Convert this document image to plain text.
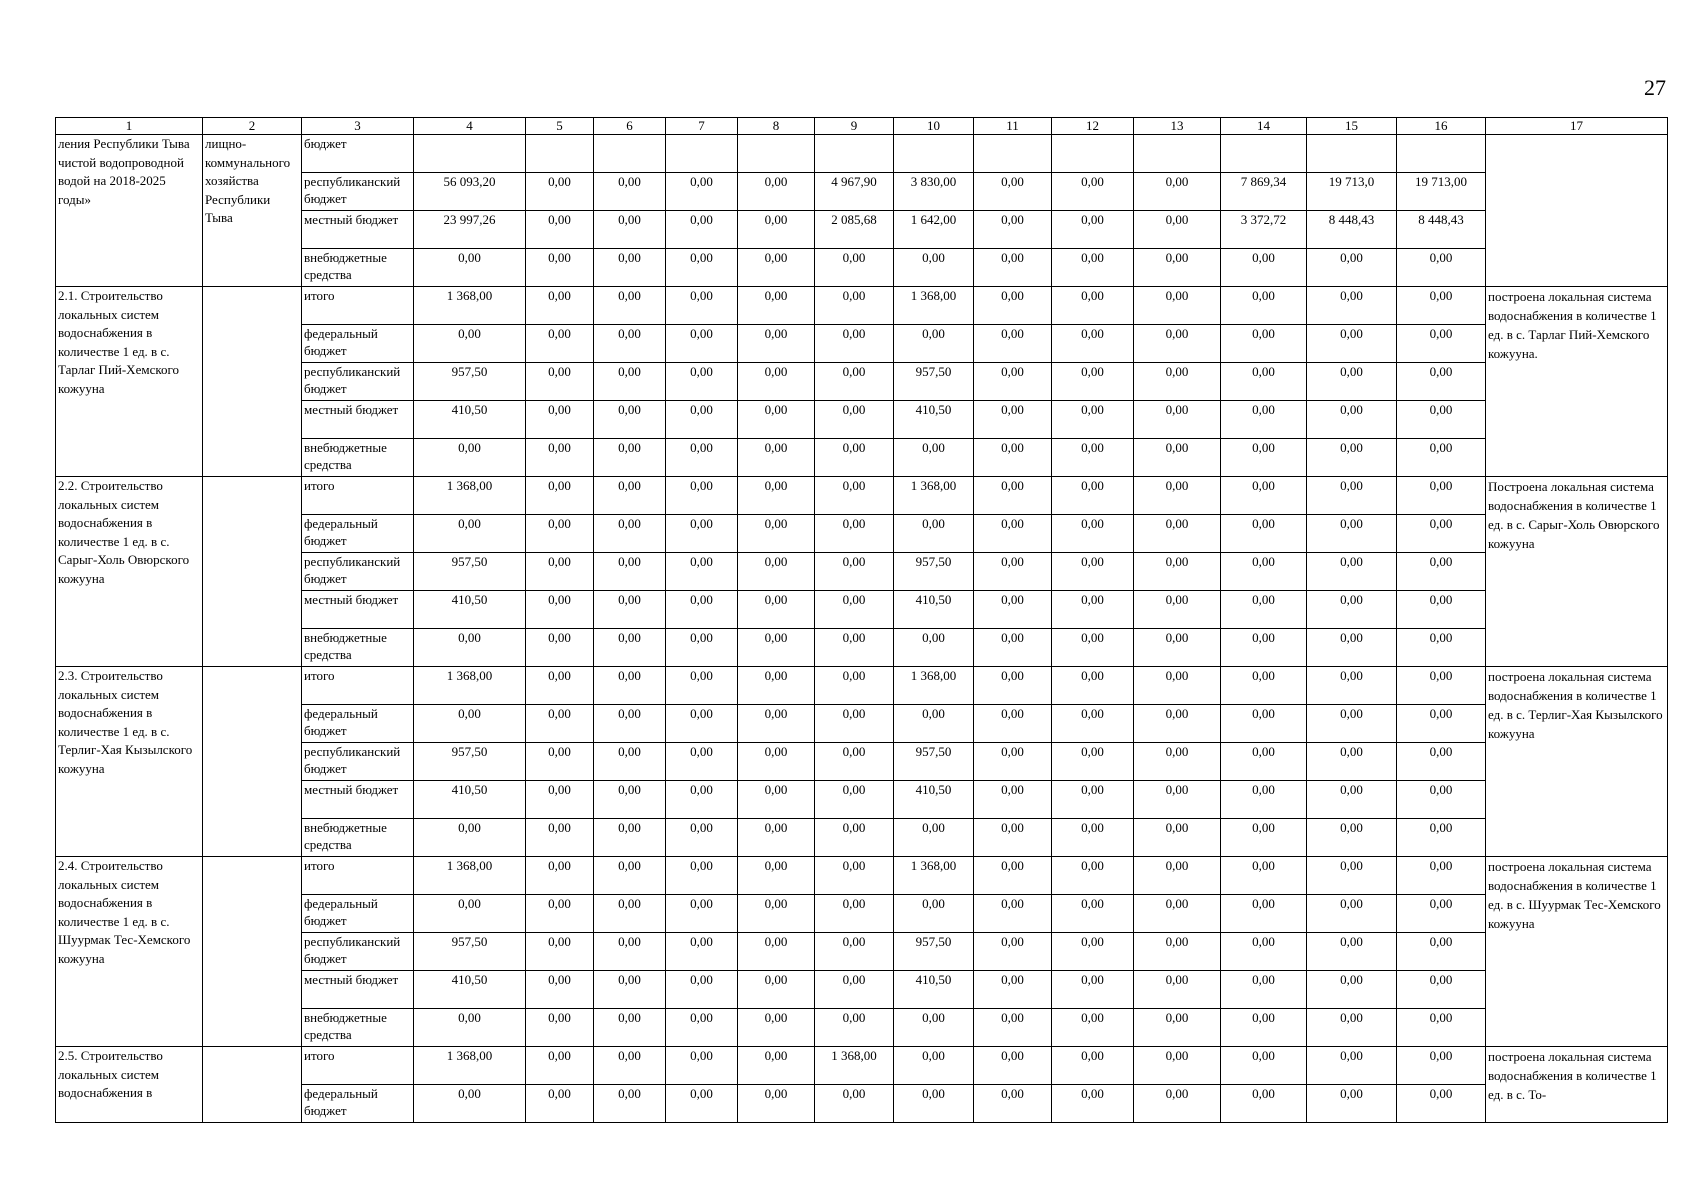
27
1	2	3	4	5	6	7	8	9	10	11	12	13	14	15	16	17
ления Республики Тыва чистой водопроводной водой на 2018-2025 годы»	лищно-коммунального хозяйства Республики Тыва	бюджет														
		республиканский бюджет	56 093,20	0,00	0,00	0,00	0,00	4 967,90	3 830,00	0,00	0,00	0,00	7 869,34	19 713,0	19 713,00	
		местный бюджет	23 997,26	0,00	0,00	0,00	0,00	2 085,68	1 642,00	0,00	0,00	0,00	3 372,72	8 448,43	8 448,43	
		внебюджетные средства	0,00	0,00	0,00	0,00	0,00	0,00	0,00	0,00	0,00	0,00	0,00	0,00	0,00	
2.1. Строительство локальных систем водоснабжения в количестве 1 ед. в с. Тарлаг Пий-Хемского кожууна		итого	1 368,00	0,00	0,00	0,00	0,00	0,00	1 368,00	0,00	0,00	0,00	0,00	0,00	0,00	построена локальная система водоснабжения в количестве 1 ед. в с. Тарлаг Пий-Хемского кожууна.
		федеральный бюджет	0,00	0,00	0,00	0,00	0,00	0,00	0,00	0,00	0,00	0,00	0,00	0,00	0,00	
		республиканский бюджет	957,50	0,00	0,00	0,00	0,00	0,00	957,50	0,00	0,00	0,00	0,00	0,00	0,00	
		местный бюджет	410,50	0,00	0,00	0,00	0,00	0,00	410,50	0,00	0,00	0,00	0,00	0,00	0,00	
		внебюджетные средства	0,00	0,00	0,00	0,00	0,00	0,00	0,00	0,00	0,00	0,00	0,00	0,00	0,00	
2.2. Строительство локальных систем водоснабжения в количестве 1 ед. в с. Сарыг-Холь Овюрского кожууна		итого	1 368,00	0,00	0,00	0,00	0,00	0,00	1 368,00	0,00	0,00	0,00	0,00	0,00	0,00	Построена локальная система водоснабжения в количестве 1 ед. в с. Сарыг-Холь Овюрского кожууна
		федеральный бюджет	0,00	0,00	0,00	0,00	0,00	0,00	0,00	0,00	0,00	0,00	0,00	0,00	0,00	
		республиканский бюджет	957,50	0,00	0,00	0,00	0,00	0,00	957,50	0,00	0,00	0,00	0,00	0,00	0,00	
		местный бюджет	410,50	0,00	0,00	0,00	0,00	0,00	410,50	0,00	0,00	0,00	0,00	0,00	0,00	
		внебюджетные средства	0,00	0,00	0,00	0,00	0,00	0,00	0,00	0,00	0,00	0,00	0,00	0,00	0,00	
2.3. Строительство локальных систем водоснабжения в количестве 1 ед. в с. Терлиг-Хая Кызылского кожууна		итого	1 368,00	0,00	0,00	0,00	0,00	0,00	1 368,00	0,00	0,00	0,00	0,00	0,00	0,00	построена локальная система водоснабжения в количестве 1 ед. в с. Терлиг-Хая Кызылского кожууна
		федеральный бюджет	0,00	0,00	0,00	0,00	0,00	0,00	0,00	0,00	0,00	0,00	0,00	0,00	0,00	
		республиканский бюджет	957,50	0,00	0,00	0,00	0,00	0,00	957,50	0,00	0,00	0,00	0,00	0,00	0,00	
		местный бюджет	410,50	0,00	0,00	0,00	0,00	0,00	410,50	0,00	0,00	0,00	0,00	0,00	0,00	
		внебюджетные средства	0,00	0,00	0,00	0,00	0,00	0,00	0,00	0,00	0,00	0,00	0,00	0,00	0,00	
2.4. Строительство локальных систем водоснабжения в количестве 1 ед. в с. Шуурмак Тес-Хемского кожууна		итого	1 368,00	0,00	0,00	0,00	0,00	0,00	1 368,00	0,00	0,00	0,00	0,00	0,00	0,00	построена локальная система водоснабжения в количестве 1 ед. в с. Шуурмак Тес-Хемского кожууна
		федеральный бюджет	0,00	0,00	0,00	0,00	0,00	0,00	0,00	0,00	0,00	0,00	0,00	0,00	0,00	
		республиканский бюджет	957,50	0,00	0,00	0,00	0,00	0,00	957,50	0,00	0,00	0,00	0,00	0,00	0,00	
		местный бюджет	410,50	0,00	0,00	0,00	0,00	0,00	410,50	0,00	0,00	0,00	0,00	0,00	0,00	
		внебюджетные средства	0,00	0,00	0,00	0,00	0,00	0,00	0,00	0,00	0,00	0,00	0,00	0,00	0,00	
2.5. Строительство локальных систем водоснабжения в		итого	1 368,00	0,00	0,00	0,00	0,00	1 368,00	0,00	0,00	0,00	0,00	0,00	0,00	0,00	построена локальная система водоснабжения в количестве 1 ед. в с. То-
		федеральный бюджет	0,00	0,00	0,00	0,00	0,00	0,00	0,00	0,00	0,00	0,00	0,00	0,00	0,00	
